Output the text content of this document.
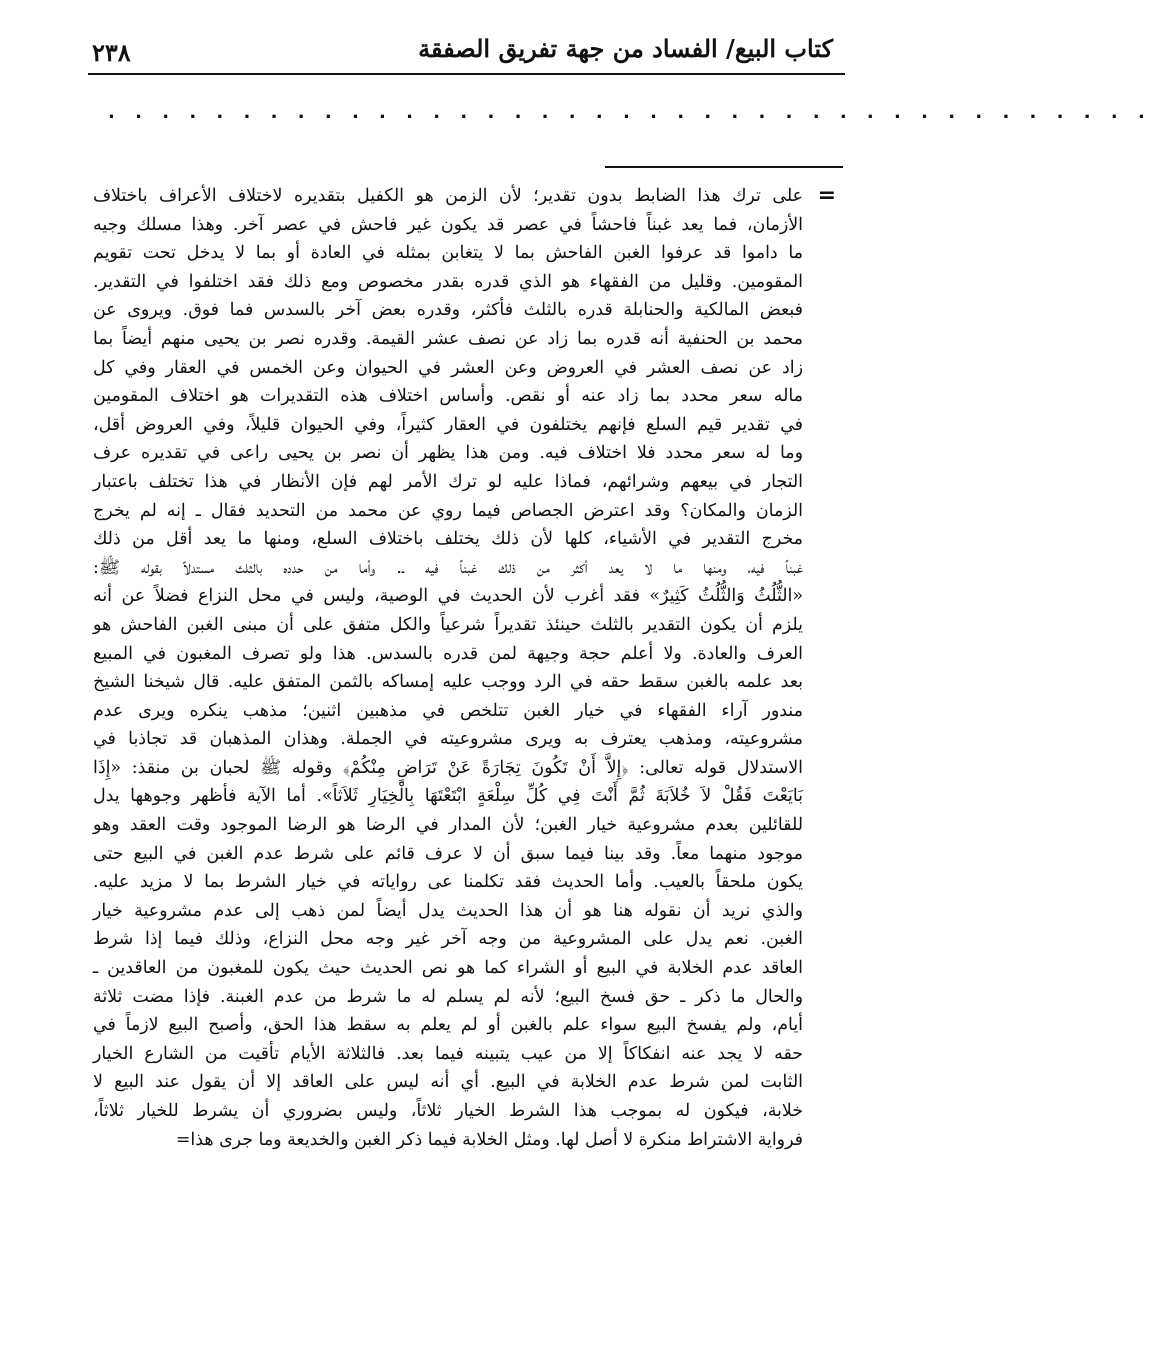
٢٣٨	كتاب البيع/ الفساد من جهة تفريق الصفقة
. . . . . . . . . . . . . . . . . . . . . . . . . . . . . . . . . . . . . . .
=
على ترك هذا الضابط بدون تقدير؛ لأن الزمن هو الكفيل بتقديره لاختلاف الأعراف باختلاف
الأزمان، فما يعد غبناً فاحشاً في عصر قد يكون غير فاحش في عصر آخر. وهذا مسلك وجيه
ما داموا قد عرفوا الغبن الفاحش بما لا يتغابن بمثله في العادة أو بما لا يدخل تحت تقويم
المقومين. وقليل من الفقهاء هو الذي قدره بقدر مخصوص ومع ذلك فقد اختلفوا في التقدير.
فبعض المالكية والحنابلة قدره بالثلث فأكثر، وقدره بعض آخر بالسدس فما فوق. ويروى عن
محمد بن الحنفية أنه قدره بما زاد عن نصف عشر القيمة. وقدره نصر بن يحيى منهم أيضاً بما
زاد عن نصف العشر في العروض وعن العشر في الحيوان وعن الخمس في العقار وفي كل
ماله سعر محدد بما زاد عنه أو نقص. وأساس اختلاف هذه التقديرات هو اختلاف المقومين
في تقدير قيم السلع فإنهم يختلفون في العقار كثيراً، وفي الحيوان قليلاً، وفي العروض أقل،
وما له سعر محدد فلا اختلاف فيه. ومن هذا يظهر أن نصر بن يحيى راعى في تقديره عرف
التجار في بيعهم وشرائهم، فماذا عليه لو ترك الأمر لهم فإن الأنظار في هذا تختلف باعتبار
الزمان والمكان؟ وقد اعترض الجصاص فيما روي عن محمد من التحديد فقال ـ إنه لم يخرج
مخرج التقدير في الأشياء، كلها لأن ذلك يختلف باختلاف السلع، ومنها ما يعد أقل من ذلك
غبناً فيه، ومنها ما لا يعد أكثر من ذلك غبناً فيه ـ. وأما من حدده بالثلث مستدلاً بقوله ﷺ:
«الثُّلُثُ وَالثُّلُثُ كَثِيرٌ» فقد أغرب لأن الحديث في الوصية، وليس في محل النزاع فضلاً عن أنه
يلزم أن يكون التقدير بالثلث حينئذ تقديراً شرعياً والكل متفق على أن مبنى الغبن الفاحش هو
العرف والعادة. ولا أعلم حجة وجيهة لمن قدره بالسدس. هذا ولو تصرف المغبون في المبيع
بعد علمه بالغبن سقط حقه في الرد ووجب عليه إمساكه بالثمن المتفق عليه. قال شيخنا الشيخ
مندور آراء الفقهاء في خيار الغبن تتلخص في مذهبين اثنين؛ مذهب ينكره ويرى عدم
مشروعيته، ومذهب يعترف به ويرى مشروعيته في الجملة. وهذان المذهبان قد تجاذبا في
الاستدلال قوله تعالى: ﴿إِلاَّ أَنْ تَكُونَ تِجَارَةً عَنْ تَرَاضٍ مِنْكُمْ﴾ وقوله ﷺ لحبان بن منقذ: «إِذَا
بَايَعْتَ فَقُلْ لاَ خُلاَبَةَ ثُمَّ أَنْتَ فِي كُلِّ سِلْعَةٍ ابْتَعْتَهَا بِالْخِيَارِ ثَلاَثاً». أما الآية فأظهر وجوهها يدل
للقائلين بعدم مشروعية خيار الغبن؛ لأن المدار في الرضا هو الرضا الموجود وقت العقد وهو
موجود منهما معاً. وقد بينا فيما سبق أن لا عرف قائم على شرط عدم الغبن في البيع حتى
يكون ملحقاً بالعيب. وأما الحديث فقد تكلمنا عى رواياته في خيار الشرط بما لا مزيد عليه.
والذي نريد أن نقوله هنا هو أن هذا الحديث يدل أيضاً لمن ذهب إلى عدم مشروعية خيار
الغبن. نعم يدل على المشروعية من وجه آخر غير وجه محل النزاع، وذلك فيما إذا شرط
العاقد عدم الخلابة في البيع أو الشراء كما هو نص الحديث حيث يكون للمغبون من العاقدين ـ
والحال ما ذكر ـ حق فسخ البيع؛ لأنه لم يسلم له ما شرط من عدم الغبنة. فإذا مضت ثلاثة
أيام، ولم يفسخ البيع سواء علم بالغبن أو لم يعلم به سقط هذا الحق، وأصبح البيع لازماً في
حقه لا يجد عنه انفكاكاً إلا من عيب يتبينه فيما بعد. فالثلاثة الأيام تأقيت من الشارع الخيار
الثابت لمن شرط عدم الخلابة في البيع. أي أنه ليس على العاقد إلا أن يقول عند البيع لا
خلابة، فيكون له بموجب هذا الشرط الخيار ثلاثاً، وليس بضروري أن يشرط للخيار ثلاثاً،
فرواية الاشتراط منكرة لا أصل لها. ومثل الخلابة فيما ذكر الغبن والخديعة وما جرى هذا=
